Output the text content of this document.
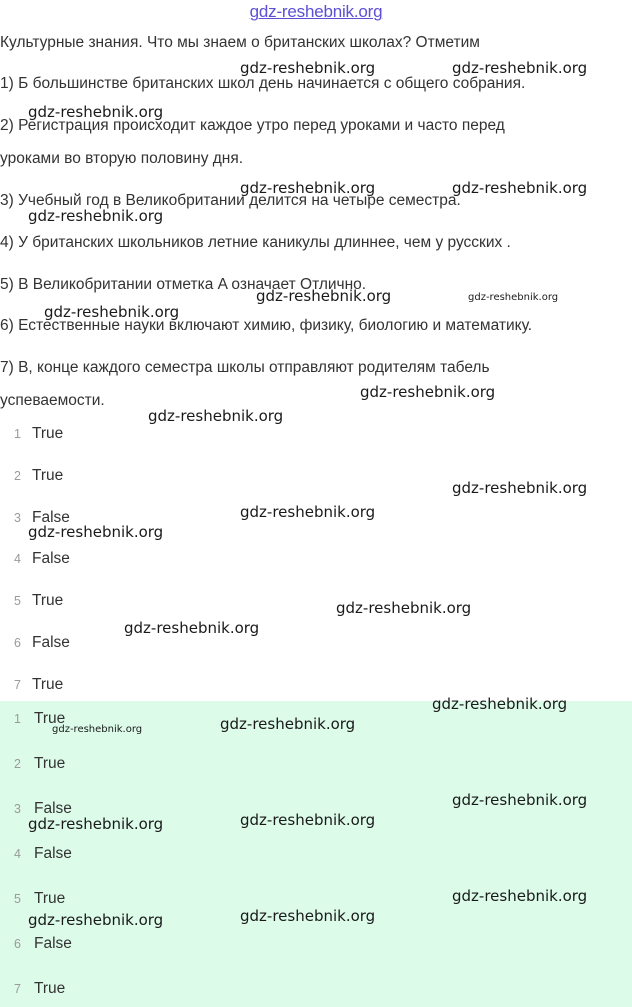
gdz-reshebnik.org
Культурные знания. Что мы знаем о британских школах? Отметим
1) Б большинстве британских школ день начинается с общего собрания.
2) Регистрация происходит каждое утро перед уроками и часто перед
уроками во вторую половину дня.
3) Учебный год в Великобритании делится на четыре семестра.
4) У британских школьников летние каникулы длиннее, чем у русских .
5) В Великобритании отметка A означает Отлично.
6) Естественные науки включают химию, физику, биологию и математику.
7) В, конце каждого семестра школы отправляют родителям табель
успеваемости.
1 True
2 True
3 False
4 False
5 True
6 False
7 True
1 True
2 True
3 False
4 False
5 True
6 False
7 True
gdz-reshebnik.org	gdz-reshebnik.org
gdz-reshebnik.org
gdz-reshebnik.org	gdz-reshebnik.org
gdz-reshebnik.org
gdz-reshebnik.org	gdz-reshebnik.org
gdz-reshebnik.org
gdz-reshebnik.org
gdz-reshebnik.org
gdz-reshebnik.org
gdz-reshebnik.org
gdz-reshebnik.org
gdz-reshebnik.org
gdz-reshebnik.org
gdz-reshebnik.org
gdz-reshebnik.org
gdz-reshebnik.org
gdz-reshebnik.org
gdz-reshebnik.org
gdz-reshebnik.org
gdz-reshebnik.org
gdz-reshebnik.org
gdz-reshebnik.org
